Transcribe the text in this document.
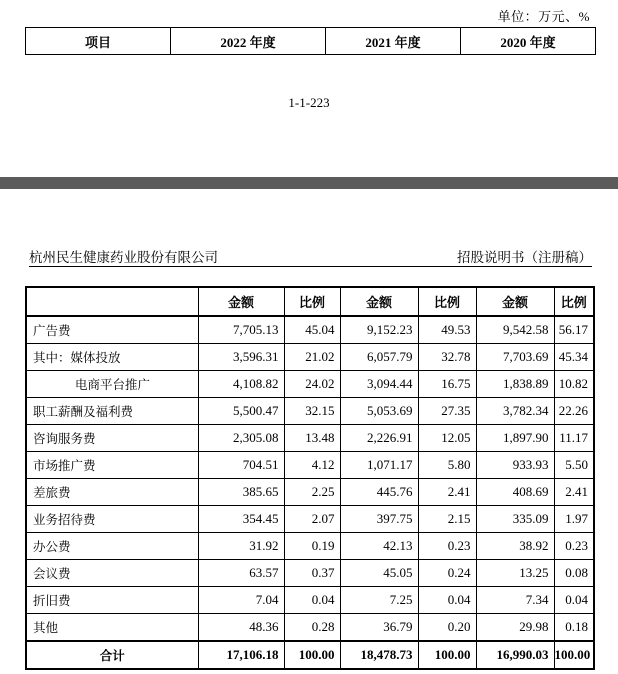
单位：万元、%
项目	2022 年度	2021 年度	2020 年度
1-1-223
杭州民生健康药业股份有限公司	招股说明书（注册稿）
	金额	比例	金额	比例	金额	比例
广告费	7,705.13	45.04	9,152.23	49.53	9,542.58	56.17
其中：媒体投放	3,596.31	21.02	6,057.79	32.78	7,703.69	45.34
电商平台推广	4,108.82	24.02	3,094.44	16.75	1,838.89	10.82
职工薪酬及福利费	5,500.47	32.15	5,053.69	27.35	3,782.34	22.26
咨询服务费	2,305.08	13.48	2,226.91	12.05	1,897.90	11.17
市场推广费	704.51	4.12	1,071.17	5.80	933.93	5.50
差旅费	385.65	2.25	445.76	2.41	408.69	2.41
业务招待费	354.45	2.07	397.75	2.15	335.09	1.97
办公费	31.92	0.19	42.13	0.23	38.92	0.23
会议费	63.57	0.37	45.05	0.24	13.25	0.08
折旧费	7.04	0.04	7.25	0.04	7.34	0.04
其他	48.36	0.28	36.79	0.20	29.98	0.18
合计	17,106.18	100.00	18,478.73	100.00	16,990.03	100.00
